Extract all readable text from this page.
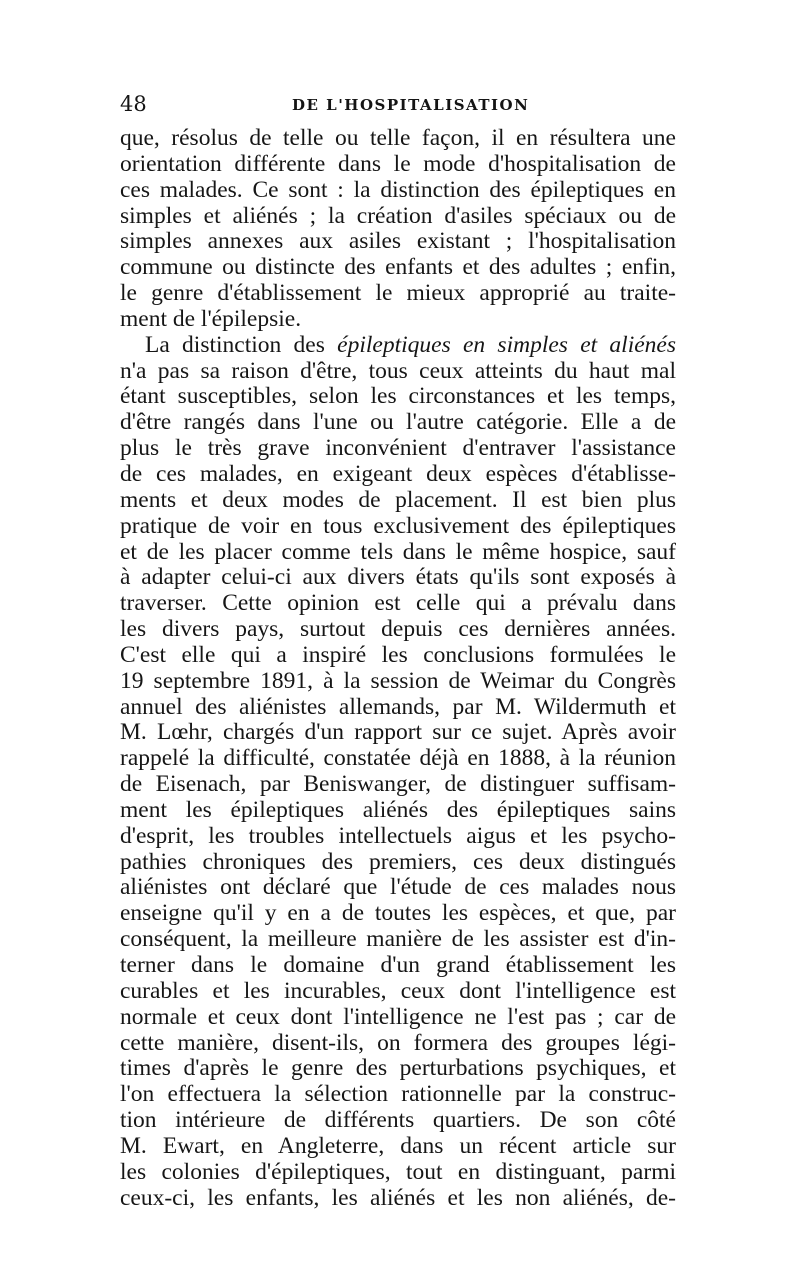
48	DE L'HOSPITALISATION
que, résolus de telle ou telle façon, il en résultera une
orientation différente dans le mode d'hospitalisation de
ces malades. Ce sont : la distinction des épileptiques en
simples et aliénés ; la création d'asiles spéciaux ou de
simples annexes aux asiles existant ; l'hospitalisation
commune ou distincte des enfants et des adultes ; enfin,
le genre d'établissement le mieux approprié au traite-
ment de l'épilepsie.
La distinction des épileptiques en simples et aliénés
n'a pas sa raison d'être, tous ceux atteints du haut mal
étant susceptibles, selon les circonstances et les temps,
d'être rangés dans l'une ou l'autre catégorie. Elle a de
plus le très grave inconvénient d'entraver l'assistance
de ces malades, en exigeant deux espèces d'établisse-
ments et deux modes de placement. Il est bien plus
pratique de voir en tous exclusivement des épileptiques
et de les placer comme tels dans le même hospice, sauf
à adapter celui-ci aux divers états qu'ils sont exposés à
traverser. Cette opinion est celle qui a prévalu dans
les divers pays, surtout depuis ces dernières années.
C'est elle qui a inspiré les conclusions formulées le
19 septembre 1891, à la session de Weimar du Congrès
annuel des aliénistes allemands, par M. Wildermuth et
M. Lœhr, chargés d'un rapport sur ce sujet. Après avoir
rappelé la difficulté, constatée déjà en 1888, à la réunion
de Eisenach, par Beniswanger, de distinguer suffisam-
ment les épileptiques aliénés des épileptiques sains
d'esprit, les troubles intellectuels aigus et les psycho-
pathies chroniques des premiers, ces deux distingués
aliénistes ont déclaré que l'étude de ces malades nous
enseigne qu'il y en a de toutes les espèces, et que, par
conséquent, la meilleure manière de les assister est d'in-
terner dans le domaine d'un grand établissement les
curables et les incurables, ceux dont l'intelligence est
normale et ceux dont l'intelligence ne l'est pas ; car de
cette manière, disent-ils, on formera des groupes légi-
times d'après le genre des perturbations psychiques, et
l'on effectuera la sélection rationnelle par la construc-
tion intérieure de différents quartiers. De son côté
M. Ewart, en Angleterre, dans un récent article sur
les colonies d'épileptiques, tout en distinguant, parmi
ceux-ci, les enfants, les aliénés et les non aliénés, de-
